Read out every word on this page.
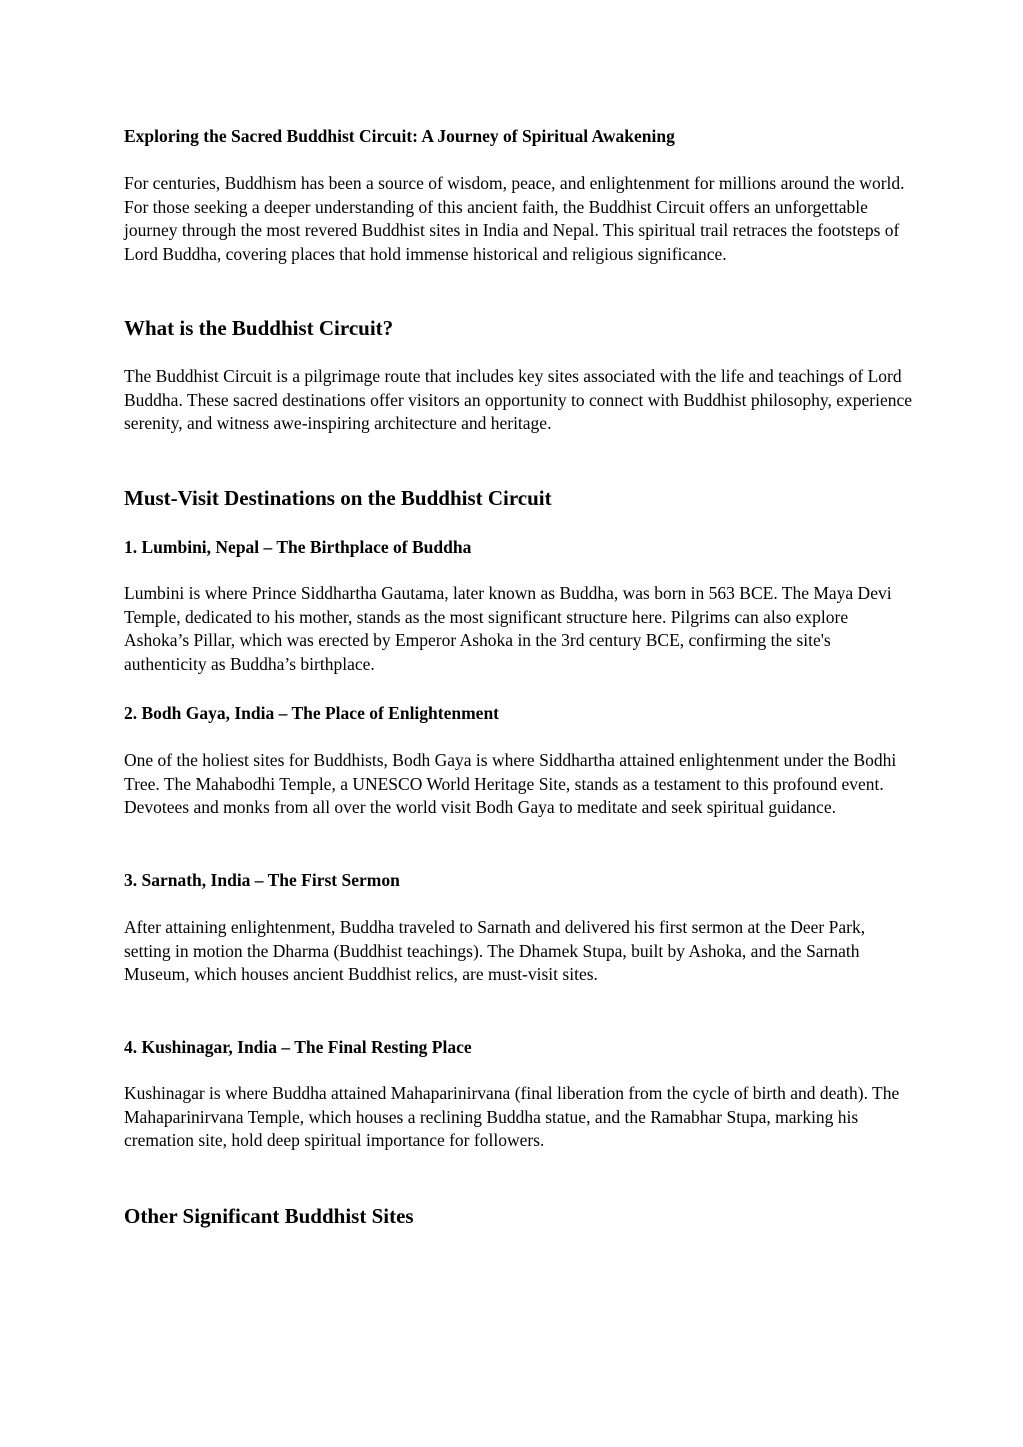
Exploring the Sacred Buddhist Circuit: A Journey of Spiritual Awakening

For centuries, Buddhism has been a source of wisdom, peace, and enlightenment for millions around the world. For those seeking a deeper understanding of this ancient faith, the Buddhist Circuit offers an unforgettable journey through the most revered Buddhist sites in India and Nepal. This spiritual trail retraces the footsteps of Lord Buddha, covering places that hold immense historical and religious significance.

What is the Buddhist Circuit?

The Buddhist Circuit is a pilgrimage route that includes key sites associated with the life and teachings of Lord Buddha. These sacred destinations offer visitors an opportunity to connect with Buddhist philosophy, experience serenity, and witness awe-inspiring architecture and heritage.

Must-Visit Destinations on the Buddhist Circuit
1. Lumbini, Nepal – The Birthplace of Buddha

Lumbini is where Prince Siddhartha Gautama, later known as Buddha, was born in 563 BCE. The Maya Devi Temple, dedicated to his mother, stands as the most significant structure here. Pilgrims can also explore Ashoka’s Pillar, which was erected by Emperor Ashoka in the 3rd century BCE, confirming the site's authenticity as Buddha’s birthplace.

2. Bodh Gaya, India – The Place of Enlightenment

One of the holiest sites for Buddhists, Bodh Gaya is where Siddhartha attained enlightenment under the Bodhi Tree. The Mahabodhi Temple, a UNESCO World Heritage Site, stands as a testament to this profound event. Devotees and monks from all over the world visit Bodh Gaya to meditate and seek spiritual guidance.

3. Sarnath, India – The First Sermon

After attaining enlightenment, Buddha traveled to Sarnath and delivered his first sermon at the Deer Park, setting in motion the Dharma (Buddhist teachings). The Dhamek Stupa, built by Ashoka, and the Sarnath Museum, which houses ancient Buddhist relics, are must-visit sites.

4. Kushinagar, India – The Final Resting Place

Kushinagar is where Buddha attained Mahaparinirvana (final liberation from the cycle of birth and death). The Mahaparinirvana Temple, which houses a reclining Buddha statue, and the Ramabhar Stupa, marking his cremation site, hold deep spiritual importance for followers.

Other Significant Buddhist Sites
